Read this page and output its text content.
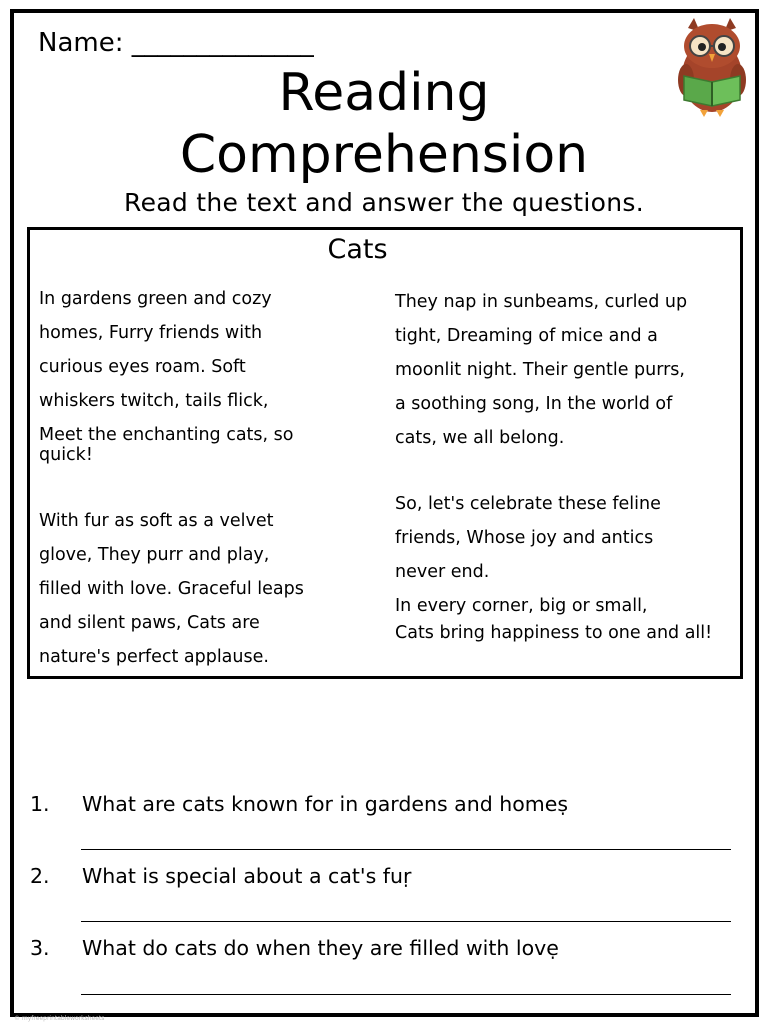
Name: ______________
Reading
Comprehension
Read the text and answer the questions.
Cats
In gardens green and cozy
homes, Furry friends with
curious eyes roam. Soft
whiskers twitch, tails flick,
Meet the enchanting cats, so quick!
With fur as soft as a velvet
glove, They purr and play,
filled with love. Graceful leaps
and silent paws, Cats are
nature's perfect applause.
They nap in sunbeams, curled up
tight, Dreaming of mice and a
moonlit night. Their gentle purrs,
a soothing song, In the world of
cats, we all belong.
So, let's celebrate these feline
friends, Whose joy and antics
never end.
In every corner, big or small,
Cats bring happiness to one and all!
1. What are cats known for in gardens and homeṣ
2. What is special about a cat's fuṛ
3. What do cats do when they are filled with lovẹ
© myfreeprintableworksheets
